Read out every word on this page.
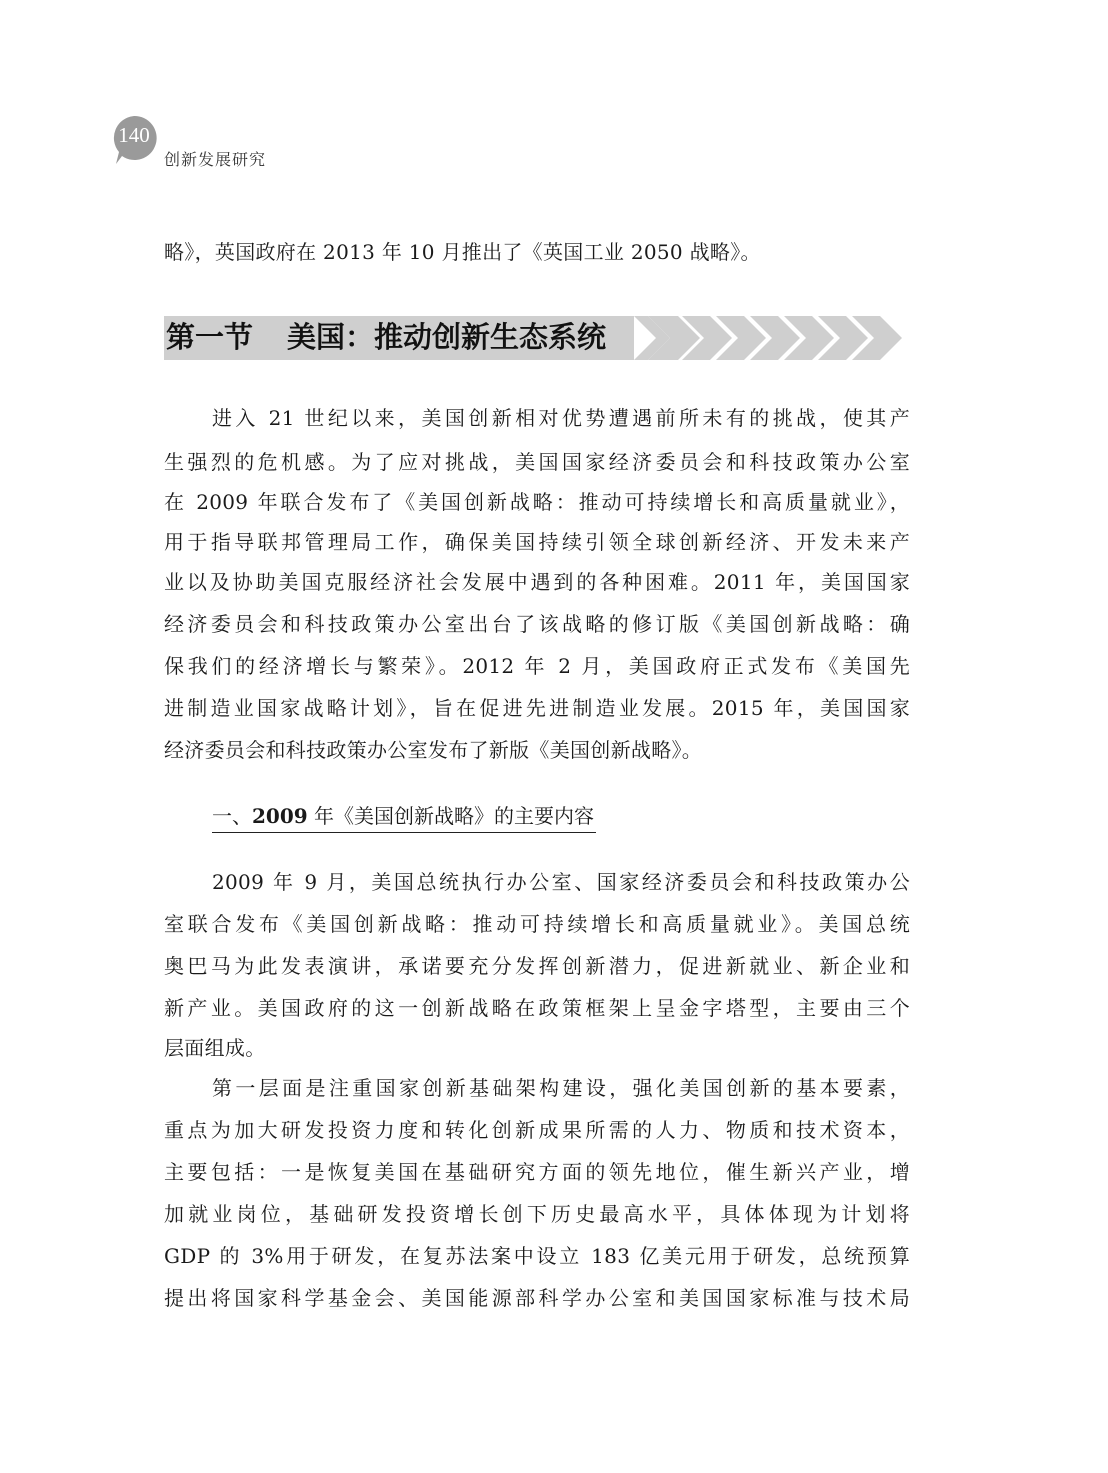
140
创新发展研究
略》，英国政府在 2013 年 10 月推出了《英国工业 2050 战略》。
第一节 美国：推动创新生态系统
进入 21 世纪以来，美国创新相对优势遭遇前所未有的挑战，使其产
生强烈的危机感。为了应对挑战，美国国家经济委员会和科技政策办公室
在 2009 年联合发布了《美国创新战略：推动可持续增长和高质量就业》，
用于指导联邦管理局工作，确保美国持续引领全球创新经济、开发未来产
业以及协助美国克服经济社会发展中遇到的各种困难。2011 年，美国国家
经济委员会和科技政策办公室出台了该战略的修订版《美国创新战略：确
保我们的经济增长与繁荣》。2012 年 2 月，美国政府正式发布《美国先
进制造业国家战略计划》，旨在促进先进制造业发展。2015 年，美国国家
经济委员会和科技政策办公室发布了新版《美国创新战略》。
一、2009 年《美国创新战略》的主要内容
2009 年 9 月，美国总统执行办公室、国家经济委员会和科技政策办公
室联合发布《美国创新战略：推动可持续增长和高质量就业》。美国总统
奥巴马为此发表演讲，承诺要充分发挥创新潜力，促进新就业、新企业和
新产业。美国政府的这一创新战略在政策框架上呈金字塔型，主要由三个
层面组成。
第一层面是注重国家创新基础架构建设，强化美国创新的基本要素，
重点为加大研发投资力度和转化创新成果所需的人力、物质和技术资本，
主要包括：一是恢复美国在基础研究方面的领先地位，催生新兴产业，增
加就业岗位，基础研发投资增长创下历史最高水平，具体体现为计划将
GDP 的 3%用于研发，在复苏法案中设立 183 亿美元用于研发，总统预算
提出将国家科学基金会、美国能源部科学办公室和美国国家标准与技术局
